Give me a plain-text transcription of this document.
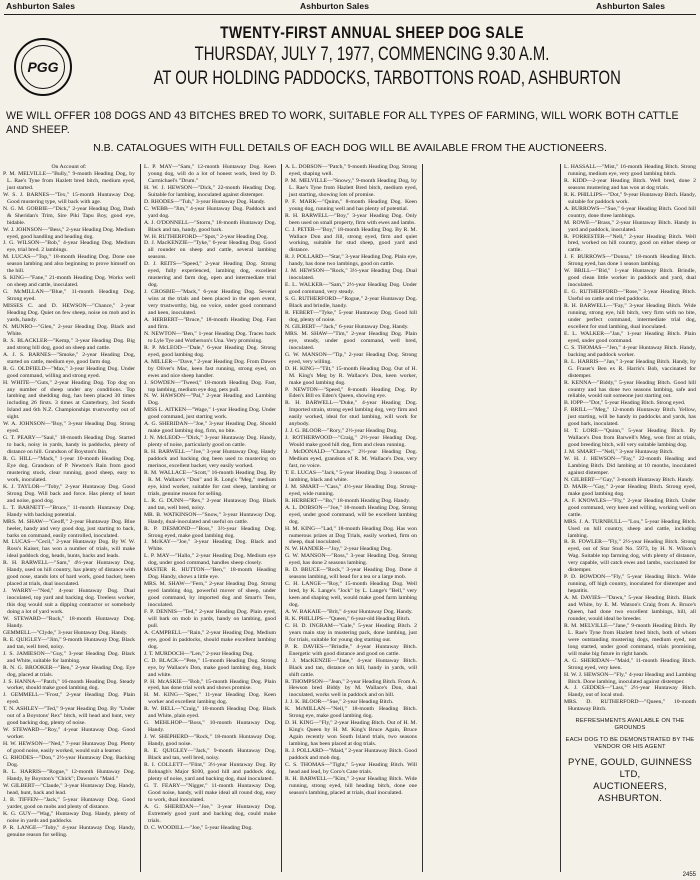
Ashburton Sales	Ashburton Sales	Ashburton Sales
PGG
TWENTY-FIRST ANNUAL SHEEP DOG SALE
THURSDAY, JULY 7, 1977, COMMENCING 9.30 A.M.
AT OUR HOLDING PADDOCKS, TARBOTTONS ROAD, ASHBURTON
WE WILL OFFER 108 DOGS AND 43 BITCHES BRED TO WORK, SUITABLE FOR ALL TYPES OF FARMING, WILL WORK BOTH CATTLE AND SHEEP.
N.B. CATALOGUES WITH FULL DETAILS OF EACH DOG WILL BE AVAILABLE FROM THE AUCTIONEERS.

On Account of:

P. M. MELVILLE—"Bully," 9-month Heading Dog, by L. Rae's Tyne from Hazlett bred bitch, medium eyed, just started.

W. S. J. BARNES—"Tex," 15-month Huntaway Dog. Good mustering type, will back with age.

N. G. M. GOBBIE—"Dick," 2-year Heading Dog, Dash & Sheridan's Trim, Sire Piki Tapu Boy, good eye, bidable.

W. J. JOHNSON—"Bess," 2-year Heading Dog. Medium eyed, good handling and heading dog.

J. G. WILSON—"Bob," 4-year Heading Dog. Medium eye, trial bred. 2 lambings.

M. LUCAS—"Top," 18-month Heading Dog. Done one season lambing and also beginning to prove himself on the hill.

S. KING—"Fane," 21-month Heading Dog. Works well on sheep and cattle, inoculated.

G. McMILLAN—"Blue," 11-month Heading Dog. Strong eyed.

MISSES C. and D. HEWSON—"Chance," 2-year Heading Dog. Quiet on few sheep, noise on mob and in yards, handy.

N. MUNRO—"Glen," 2-year Heading Dog. Black and White.

R. S. BLACKLER—"Kemp," 3-year Heading Dog. Big and strong hill dog, good on sheep and cattle.

A. J. S. BARNES—"Smoke," 2-year Heading Dog, started on cattle, medium eye, good farm dog.

R. G. OLDFIELD—"Max," 3-year Heading Dog. Under good command, willing and strong eyed.

H. WHITE—"Guts," 2-year Heading Dog. Top dog on any number of sheep under any conditions. Top lambing and shedding dog, has been placed 30 times including 26 firsts. 3 times at Canterbury, 3rd South Island and 6th N.Z. Championships trustworthy out of sight.

W. A. JOHNSON—"Boy," 3-year Heading Dog. Strong eyed.

G. T. PEARY—"Saul," 18-month Heading Dog. Started to back, noisy in yards, handy in paddocks, plenty of distance on hill. Grandson of Boyston's Bin.

R. G. HILL—"Mack," 1-year 10-month Heading Dog. Eye dog. Grandson of P. Newton's Rain from good mustering stock, clear running, good sheep, easy to work, inoculated.

K. J. TAYLOR—"Toby," 2-year Huntaway Dog. Good Strong Dog. Will back and force. Has plenty of heart and noise, good dog.

L. T. BARNETT—"Bruce," 11-month Huntaway Dog. Handy with backing potential.

MRS. M. SHAW—"Geoff," 2-year Huntaway Dog. Blue heeler, handy and very good dog, just starting to back, barks on command, easily controlled, inoculated.

M. LUCAS—"Cecil," 2-year Huntaway Dog. By W. W. Ross's Kaiser, has won a number of trials, will make ideal paddock dog, heads, hunts, backs and leads.

R. H. BARWELL—"Sam," 4½-year Huntaway Dog. Handy, used on hill country, has plenty of distance with good nose, stands lots of hard work, good backer, been placed at trials, dual inoculated.

J. WARRY—"Ned," 4-year Huntaway Dog. Dual inoculated, top yard and backing dog. Treeless worker, this dog would suit a dipping contractor or somebody doing a lot of yard work.

W. STEWARD—"Rock," 18-month Huntaway Dog. Handy.

GEMMELL—"Clyde," 3-year Huntaway Dog. Handy.

R. E. QUIGLEY—"Jim," 9-month Huntaway Dog. Black and tan, well bred, noisy.

J. S. JAMIESON—"Guy," 3-year Heading Dog. Black and White, suitable for lambing.

R. N. G. BROOKER—"Ben," 2-year Heading Dog. Eye dog, placed at trials.

J. S. HANNA—"Patch," 16-month Heading Dog. Steady worker, should make good lambing dog.

J. GEMMELL—"Frost," 2-year Heading Dog. Plain eyed.

T. N. ASHLEY—"Ted," 9-year Heading Dog. By "Under out of a Boystons' Rex" bitch, will head and hunt, very good backing dog, plenty of noise.

W. STEWARD—"Roy," 4-year Huntaway Dog. Good worker.

H. W. HEWSON—"Ned," 7-year Huntaway Dog. Plenty of good noise, easily worked, would suit a learner.

G. RHODES—"Don," 2½-year Huntaway Dog. Backing Dog.

R. L. HARRIS—"Rogue," 12-month Huntaway Dog. Handy, by Boyston's "Chick"; Dawson's "Maid."

W. GILBERT—"Claude," 3-year Huntaway Dog. Handy, head, hunt, back and lead.

J. B. TIFFEN—"Jack," 5-year Huntaway Dog. Good yarder, good on mobs and plenty of distance.

K. G. GUY—"Wag," Huntaway Dog. Handy, plenty of noise in yards and paddocks.

P. R. LANGE—"Toby," 4-year Huntaway Dog. Handy, genuine reason for selling.

L. P. MAY—"Sam," 12-month Huntaway Dog. Keen young dog, will do a lot of honest work, bred by D. Carmichael's "Drum."

H. W. J. HEWSON—"Dick," 22-month Heading Dog. Suitable for lambing, inoculated against distemper.

D. RHODES—"Tuh," 3-year Huntaway Dog. Handy.

C. WEBB—"Jim," 4-year Huntaway Dog. Paddock and yard dog.

A. J. O'DONNELL—"Storm," 18-month Huntaway Dog. Black and tan, handy, good bark.

W. H. RUTHERFORD—"Spot," 2-year Heading Dog.

D. J. MacKENZIE—"Tyke," 6-year Heading Dog. Good all rounder on sheep and cattle, several lambing seasons.

D. J. REITS—"Speed," 2-year Heading Dog. Strong eyed, fully experienced, lambing dog, excellent mustering and farm dog, open and intermediate trial dog.

J. CROSBIE—"Mack," 6-year Heading Dog. Several wins at the trials and been placed in the open event, very trustworthy, big, no voice, under good command and keen, inoculated.

A. HERBERT—"Bruce," 18-month Heading Dog. Fast and firm.

N. NEWTON—"Ben," 1-year Heading Dog. Traces back to Lyle Tye and Wotherson's Una. Very promising.

R. P. McLEOD—"Dale," 6-year Heading Dog. Strong eyed, good lambing dog.

A. MILLER—"Dave," 2-year Heading Dog. From Dawes by Oliver's Mac, keen fast running, strong eyed, on ewes and nice sheep handler.

J. SOWDEN—"Tweed," 18-month Heading Dog. Fast, top lambing, medium eye dog, pets pull.

N. W. HAWSON—"Pal," 2-year Heading and Lambing Dog.

MISS L. AITKEN—"Wage," 1-year Heading Dog. Under good command, just starting work.

A. G. SHERIDAN—"Joe," 3-year Heading Dog. Should make good lambing dog, firm, no bite.

J. N. McLEOD—"Dick," 3-year Huntaway Dog. Handy, plenty of noise, particularly good on cattle.

R. H. BARWELL—"Joe," 3-year Huntaway Dog. Handy paddock and backing dog been used to mustering on merinos, excellent backer, very easily worked.

R. M. WALLACE—"Scott," 16-month Heading Dog. By R. M. Wallace's "Don" and R. Long's "Meg," medium eye, kind worker, suitable for cast sheep, lambing or trials, genuine reason for selling.

L. R. G. DUNN—"Rex," 2-year Huntaway Dog. Black and tan, well bred, noisy.

MR. B. WATKINSON—"Snow," 3-year Huntaway Dog. Handy, dual-inoculated and useful on cattle.

R. P. DESMOND—"Boss," 3½-year Heading Dog. Strong eyed, make good lambing dog.

J. McKAY—"Joe," 3-year Heading Dog. Black and White.

L. P. MAY—"Hallo," 2-year Heading Dog. Medium eye dog, under good command, handles sheep closely.

MASTER R. HUTTON—"Ben," 18-month Heading Dog. Handy, shows a little eye.

MRS. M. SHAW—"Fern," 2-year Heading Dog. Strong eyed lambing dog, powerful mover of sheep, under good command, by imported dog and Smart's Tess, inoculated.

F. P. DENNIS—"Ted," 2-year Heading Dog. Plain eyed, will bark on mob in yards, handy on lambing, good pull.

A. CAMPBELL—"Rain," 2-year Heading Dog. Medium eye, good in paddocks, should make excellent lambing dog.

J. T. MURDOCH—"Len," 2-year Heading Dog.

C. D. BLACK—"Pete," 15-month Heading Dog. Strong eye, by Wallace's Don, make good lambing dog, black and white.

P. H. McASKIE—"Bob," 15-month Heading Dog. Plain eyed, has done trial work and shows promise.

H. M. KING—"Spec," 11-year Heading Dog. Keen worker and excellent lambing dog.

R. W. BELL—"Craig," 18-month Heading Dog. Black and White, plain eyed.

G. MEHLHOP—"Boss," 10-month Huntaway Dog. Handy.

J. W. SHEPHERD—"Rock," 18-month Huntaway Dog. Handy, good noise.

R. E. QUIGLEY—"Jack," 9-month Huntaway Dog. Black and tan, well bred, noisy.

R. I. COLLETT—"Flint," 3½-year Huntaway Dog. By Rohnagh's Major $100, good hill and paddock dog, plenty of noise, yard and backing dog, dual inoculated.

G. T. FEARY—"Nigger," 11-month Huntaway Dog. Good noise, handy, will make ideal all round dog, easy to work, dual inoculated.

A. G. SHERIDAN—"Joe," 3-year Huntaway Dog. Extremely good yard and backing dog, could make trials.

D. C. WOODILL—"Joe," 5-year Heading Dog.

A. L. DOBSON—"Patch," 9-month Heading Dog. Strong eyed, shaping well.

P. M. MELVILLE—"Snowy," 9-month Heading Dog, by L. Rae's Tyne from Hazlett Bred bitch, medium eyed, just starting, showing lots of promise.

P. F. MARK—"Quinn," 8-month Heading Dog. Keen young dog, running well and has plenty of potential.

R. H. BARWELL—"Boy," 3-year Heading Dog. Only been used on small property, firm with ewes and lambs.

C. J. PETER—"Boy," 18-month Heading Dog. By R. M. Wallace Don and Jill, strong eyed, firm and quiet working, suitable for stud sheep, good yard and distance.

R. J. POLLARD—"Star," 3-year Heading Dog. Plain eye, handy, has done two lambings, good on cattle.

J. M. HEWSON—"Rock," 3½-year Heading Dog. Dual inoculated.

E. L. WALKER—"Sam," 2½-year Heading Dog. Under good command, very steady.

S. G. RUTHERFORD—"Rogue," 2-year Huntaway Dog. Black and brindle, handy.

R. FEBERT—"Tyke," 5-year Huntaway Dog. Good hill dog, plenty of noise.

N. GILBERT—"Jack," 6-year Huntaway Dog. Handy.

MRS. M. SHAW—"Tim," 2-year Heading Dog. Plain eye, steady, under good command, well bred, inoculated.

G. W. MANSON—"Tip," 2-year Heading Dog. Strong eyed, very willing.

D. H. KING—"Tilt," 15-month Heading Dog. Out of H. M. King's Meg by R. Wallace's Don, keen worker, make good lambing dog.

P. NEWTON—"Speed," 8-month Heading Dog. By Eden's Bill ex Eden's Queen, showing eye.

R. H. BARWELL—"Duke," 4-year Heading Dog. Imported strain, strong eyed lambing dog, very firm and easily worked, ideal for stud lambing, will work for anybody.

J. J. G. BLOOR—"Rory," 2½-year Heading Dog.

J. ROTHERWOOD—"Craig," 2½-year Heading Dog. Would make good hill dog, firm and clean running.

J. McDONALD—"Chance," 2½-year Heading Dog. Medium eyed, grandson of R. M. Wallace's Don, very fast, no voice.

T. E. LUCAS—"Jack," 5-year Heading Dog. 3 seasons of lambing, black and white.

J. M. SMART—"Cass," 4½-year Heading Dog. Strong-eyed, wide running.

R. HERBERT—"Bo," 18-month Heading Dog. Handy.

A. L. DOBSON—"Joe," 18-month Heading Dog. Strong eyed, under good command, will be excellent lambing dog.

H. M. KING—"Lad," 18-month Heading Dog. Has won numerous prizes at Dog Trials, easily worked, firm on sheep, dual inoculated.

N. W. HANDER—"Joy," 2-year Heading Dog.

G. W. MANSON—"Ross," 3-year Heading Dog. Strong eyed, has done 2 seasons lambing.

R. D. BRUCE—"Rock," 3-year Heading Dog. Done 4 seasons lambing, will head for a tea or a large mob.

C. H. LANGE—"Roy," 15-month Heading Dog. Well bred, by K. Lange's "Jock" by L. Lange's "Bell," very keen and shaping well, would make good farm lambing dog.

A. W. BAKAIE—"Brit," 4-year Huntaway Dog. Handy.

R. K. PHILLIPS—"Queen," 6-year-old Heading Bitch.

C. H. D. INGRAM—"Gale," 5-year Heading Bitch. 2 years main stay in mustering pack, done lambing, just for trials, suitable for young dog starting out.

P. R. DAVIES—"Brindle," 4-year Huntaway Bitch. Energetic with good distance and good on cattle.

J. J. MacKENZIE—"Jane," 4-year Huntaway Bitch. Black and tan, distance on hill, handy in yards, will shift cattle.

R. THOMPSON—"Jean," 2-year Heading Bitch. From A. Hewson bred Biddy by M. Wallace's Don, dual inoculated, works well in paddock and on hill.

J. J. K. BLOOR—"Sue," 2-year Heading Bitch.

K. McMILLAN—"Nell," 18-month Heading Bitch. Strong eye, make good lambing dog.

D. H. KING—"Fly," 2-year Heading Bitch. Out of H. M. King's Queen by H. M. King's Bruce Again, Bruce Again recently won South Island trials, two seasons lambing, has been placed at dog trials.

R. J. POLLARD—"Maid," 2-year Huntaway Bitch. Good paddock and mob dog.

C. S. THOMAS—"Tight," 5-year Heading Bitch. Will head and lead, by Coro's Cane trials.

R. H. BARWELL—"Kim," 3-year Heading Bitch. Wide running, strong eyed, hill heading bitch, done one season's lambing, placed at trials, dual inoculated.

L. HASSALL—"Mist," 16-month Heading Bitch. Strong running, medium eye, very good lambing bitch.

R. KIDD—2-year Heading Bitch. Well bred, done 2 seasons mustering and has won at dog trials.

R. K. PHILLIPS—"Dot," 9-year Huntaway Bitch. Handy, suitable for paddock work.

A. BURROWS—"Sue," 6-year Heading Bitch. Good hill country, done three lambings.

M. ROWE—"Brass," 2-year Huntaway Bitch. Handy in yard and paddock, inoculated.

R. FORRESTER—"Nell," 2-year Heading Bitch. Well bred, worked on hill country, good on either sheep or cattle.

J. F. BURROWS—"Donna," 18-month Heading Bitch. Strong eyed, has done 1 season lambing.

W. BRILL—"Bid," 1-year Huntaway Bitch. Brindle, good clean little worker in paddock and yard, dual inoculated.

E. G. RUTHERFORD—"Rose," 3-year Heading Bitch. Useful on cattle and tried paddocks.

R. H. BARWELL—"Fay," 3-year Heading Bitch. Wide running, strong eye, hill bitch, very firm with no bite, under perfect command, intermediate trial dog, excellent for stud lambing, dual inoculated.

E. L. WALKER—"Jan," 1-year Heading Bitch. Plain eyed, under good command.

C. S. THOMAS—"Jen," 4-year Huntaway Bitch. Handy, backing and paddock worker.

R. L. HARRIS—"Jan," 3-year Heading Bitch. Handy, by G. Fraser's Ben ex R. Harris's Bob, vaccinated for distemper.

R. KENNA—"Biddy," 5-year Heading Bitch. Good hill country and has done two seasons lambing, safe and reliable, would suit someone just starting out.

B. IOPP—"Dot," 5-year Heading Bitch. Strong eyed.

F. BRILL—"Meg," 12-month Huntaway Bitch. Yellow, just starting, will be handy in paddocks and yards, has good bark, inoculated.

H. T. LORE—"Quinn," 5-year Heading Bitch. By Wallace's Don from Barwell's Meg, won first at trials, good breeding bitch, will very suitable lambing dog.

J. M. SMART—"Nell," 3-year Huntaway Bitch.

W. H. J. HEWSON—"Fay," 22-month Heading and Lambing Bitch. Did lambing at 10 months, inoculated against distemper.

N. GILBERT—"Gay," 3-month Huntaway Bitch. Handy.

D. MAIR—"Gay," 2-year Heading Bitch. Strong eyed, make good lambing dog.

A. F. KNOWLES—"Fly," 2-year Heading Bitch. Under good command, very keen and willing, working well on cattle.

MRS. J. A. TURNBULL—"Lou," 5-year Heading Bitch. Used on hill country, sheep and cattle, including lambing.

R. B. FOWLER—"Fly," 2½-year Heading Bitch. Strong eyed, out of Star Stud No. 5973, by H. N. Wilson's Wag. Suitable top farming dog, with plenty of distance, very capable, will catch ewes and lambs, vaccinated for distemper.

P. D. BOWDON—"Fly," 5-year Heading Bitch. Wide running, off high country, inoculated for distemper and hepatitis.

A. M. DAVIES—"Dawn," 5-year Heading Bitch. Black and White, by E. M. Watson's Craig from A. Bruce's Queen, had done two excellent lambings, hill, all rounder, would ideal be breeder.

R. M. MELVILLE—"Jane," 9-month Heading Bitch. By L. Rae's Tyne from Hazlett bred bitch, both of whom were outstanding mustering dogs, medium eyed, not long started, under good command, trials promising, will make big future in right hands.

A. G. SHERIDAN—"Maid," 11-month Heading Bitch. Strong eyed, very keen.

H. W. J. HEWSON—"Fly," 4-year Heading and Lambing Bitch. Done lambing, inoculated against distemper.

A. J. GEDDES—"Lass," 2½-year Huntaway Bitch. Handy, out of local stud.

MRS. D. RUTHERFORD—"Queen," 10-month Huntaway Bitch.

REFRESHMENTS AVAILABLE ON THE GROUNDS
EACH DOG TO BE DEMONSTRATED BY THE VENDOR OR HIS AGENT
PYNE, GOULD, GUINNESS LTD,
AUCTIONEERS,
ASHBURTON.
2455
